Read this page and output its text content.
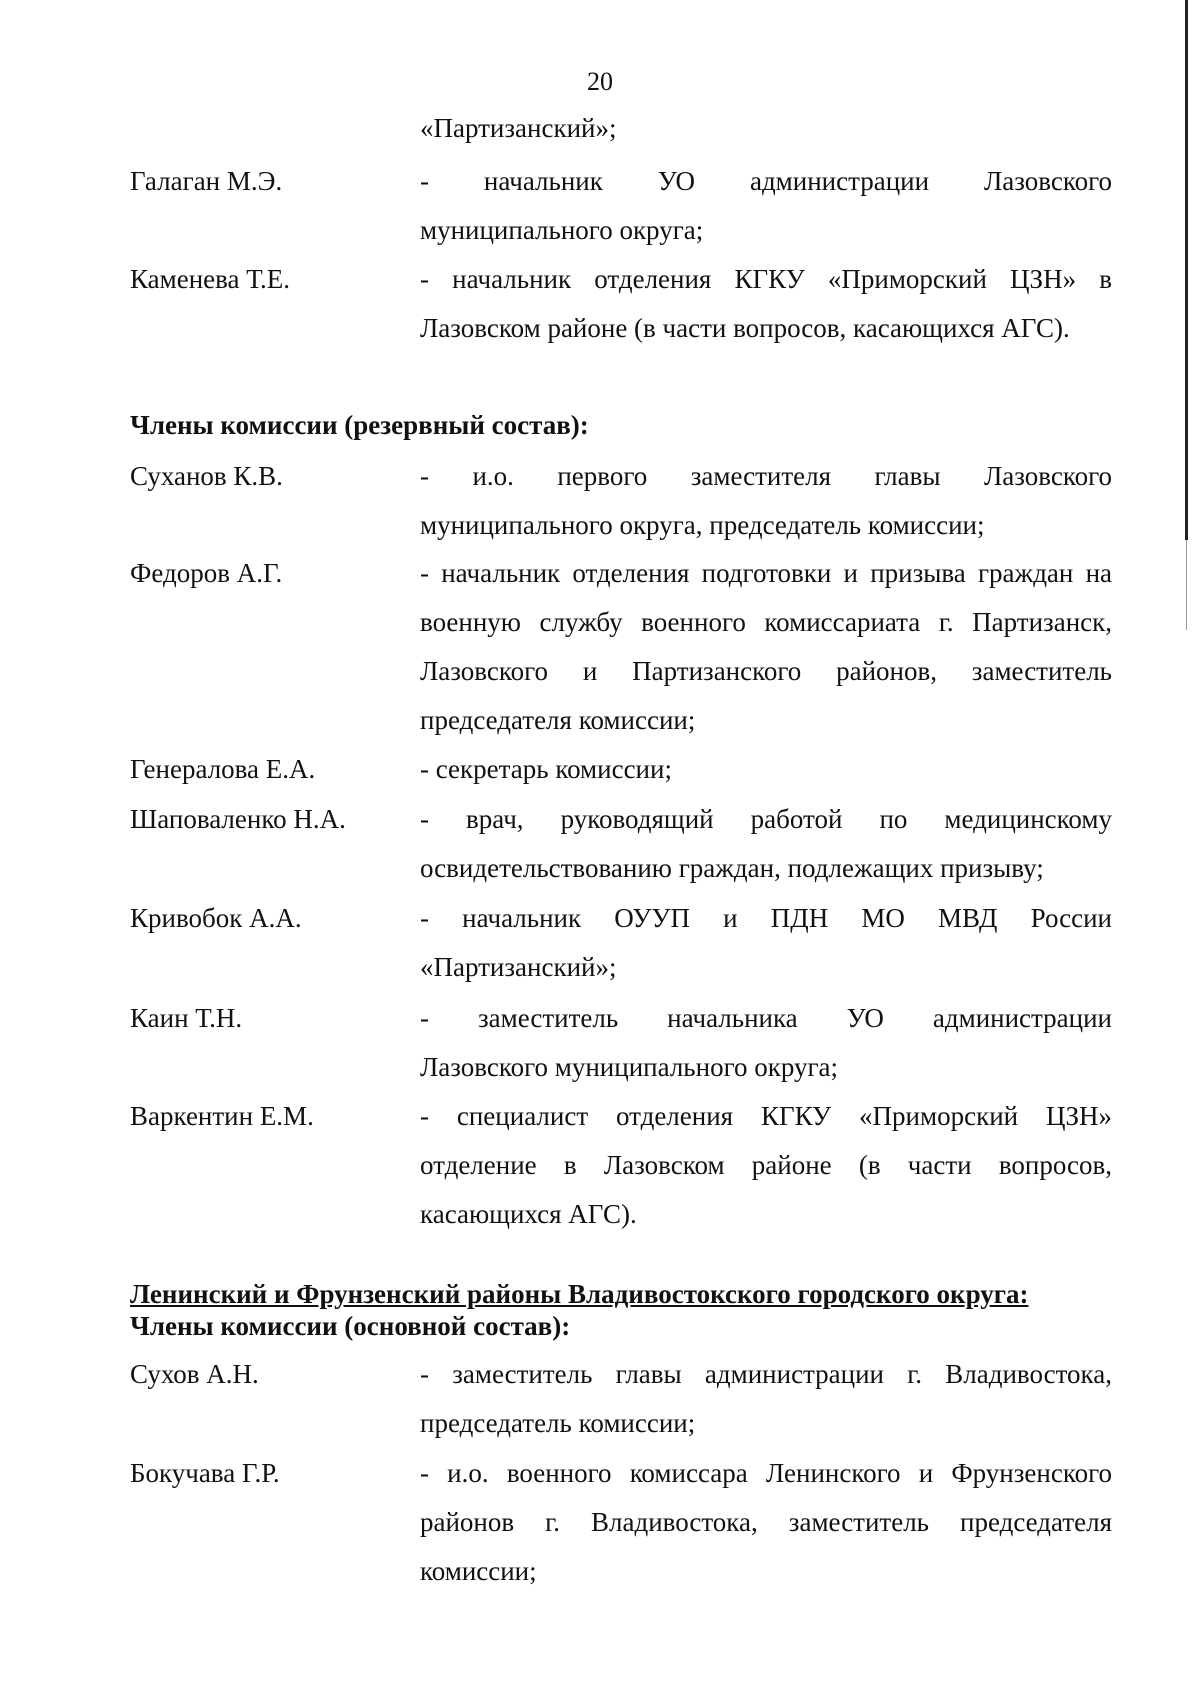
20
«Партизанский»;
Галаган М.Э.	- начальник УО администрации Лазовского
муниципального округа;
Каменева Т.Е.	- начальник отделения КГКУ «Приморский ЦЗН» в
Лазовском районе (в части вопросов, касающихся АГС).
Члены комиссии (резервный состав):
Суханов К.В.	- и.о. первого заместителя главы Лазовского
муниципального округа, председатель комиссии;
Федоров А.Г.	- начальник отделения подготовки и призыва граждан на
военную службу военного комиссариата г. Партизанск,
Лазовского и Партизанского районов, заместитель
председателя комиссии;
Генералова Е.А.	- секретарь комиссии;
Шаповаленко Н.А.	- врач, руководящий работой по медицинскому
освидетельствованию граждан, подлежащих призыву;
Кривобок А.А.	- начальник ОУУП и ПДН МО МВД России
«Партизанский»;
Каин Т.Н.	- заместитель начальника УО администрации
Лазовского муниципального округа;
Варкентин Е.М.	- специалист отделения КГКУ «Приморский ЦЗН»
отделение в Лазовском районе (в части вопросов,
касающихся АГС).
Ленинский и Фрунзенский районы Владивостокского городского округа:
Члены комиссии (основной состав):
Сухов А.Н.	- заместитель главы администрации г. Владивостока,
председатель комиссии;
Бокучава Г.Р.	- и.о. военного комиссара Ленинского и Фрунзенского
районов г. Владивостока, заместитель председателя
комиссии;
